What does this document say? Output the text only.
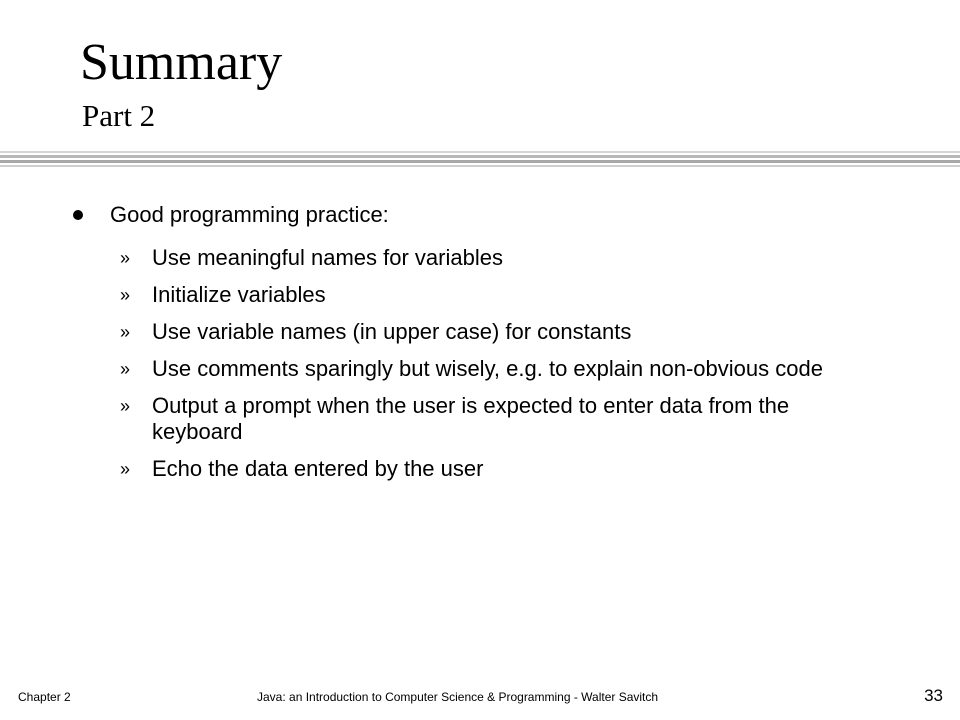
Summary
Part 2
Good programming practice:
» Use meaningful names for variables
» Initialize variables
» Use variable names (in upper case) for constants
» Use comments sparingly but wisely, e.g. to explain non-obvious code
» Output a prompt when the user is expected to enter data from the keyboard
» Echo the data entered by the user
Chapter 2	Java: an Introduction to Computer Science & Programming - Walter Savitch	33
